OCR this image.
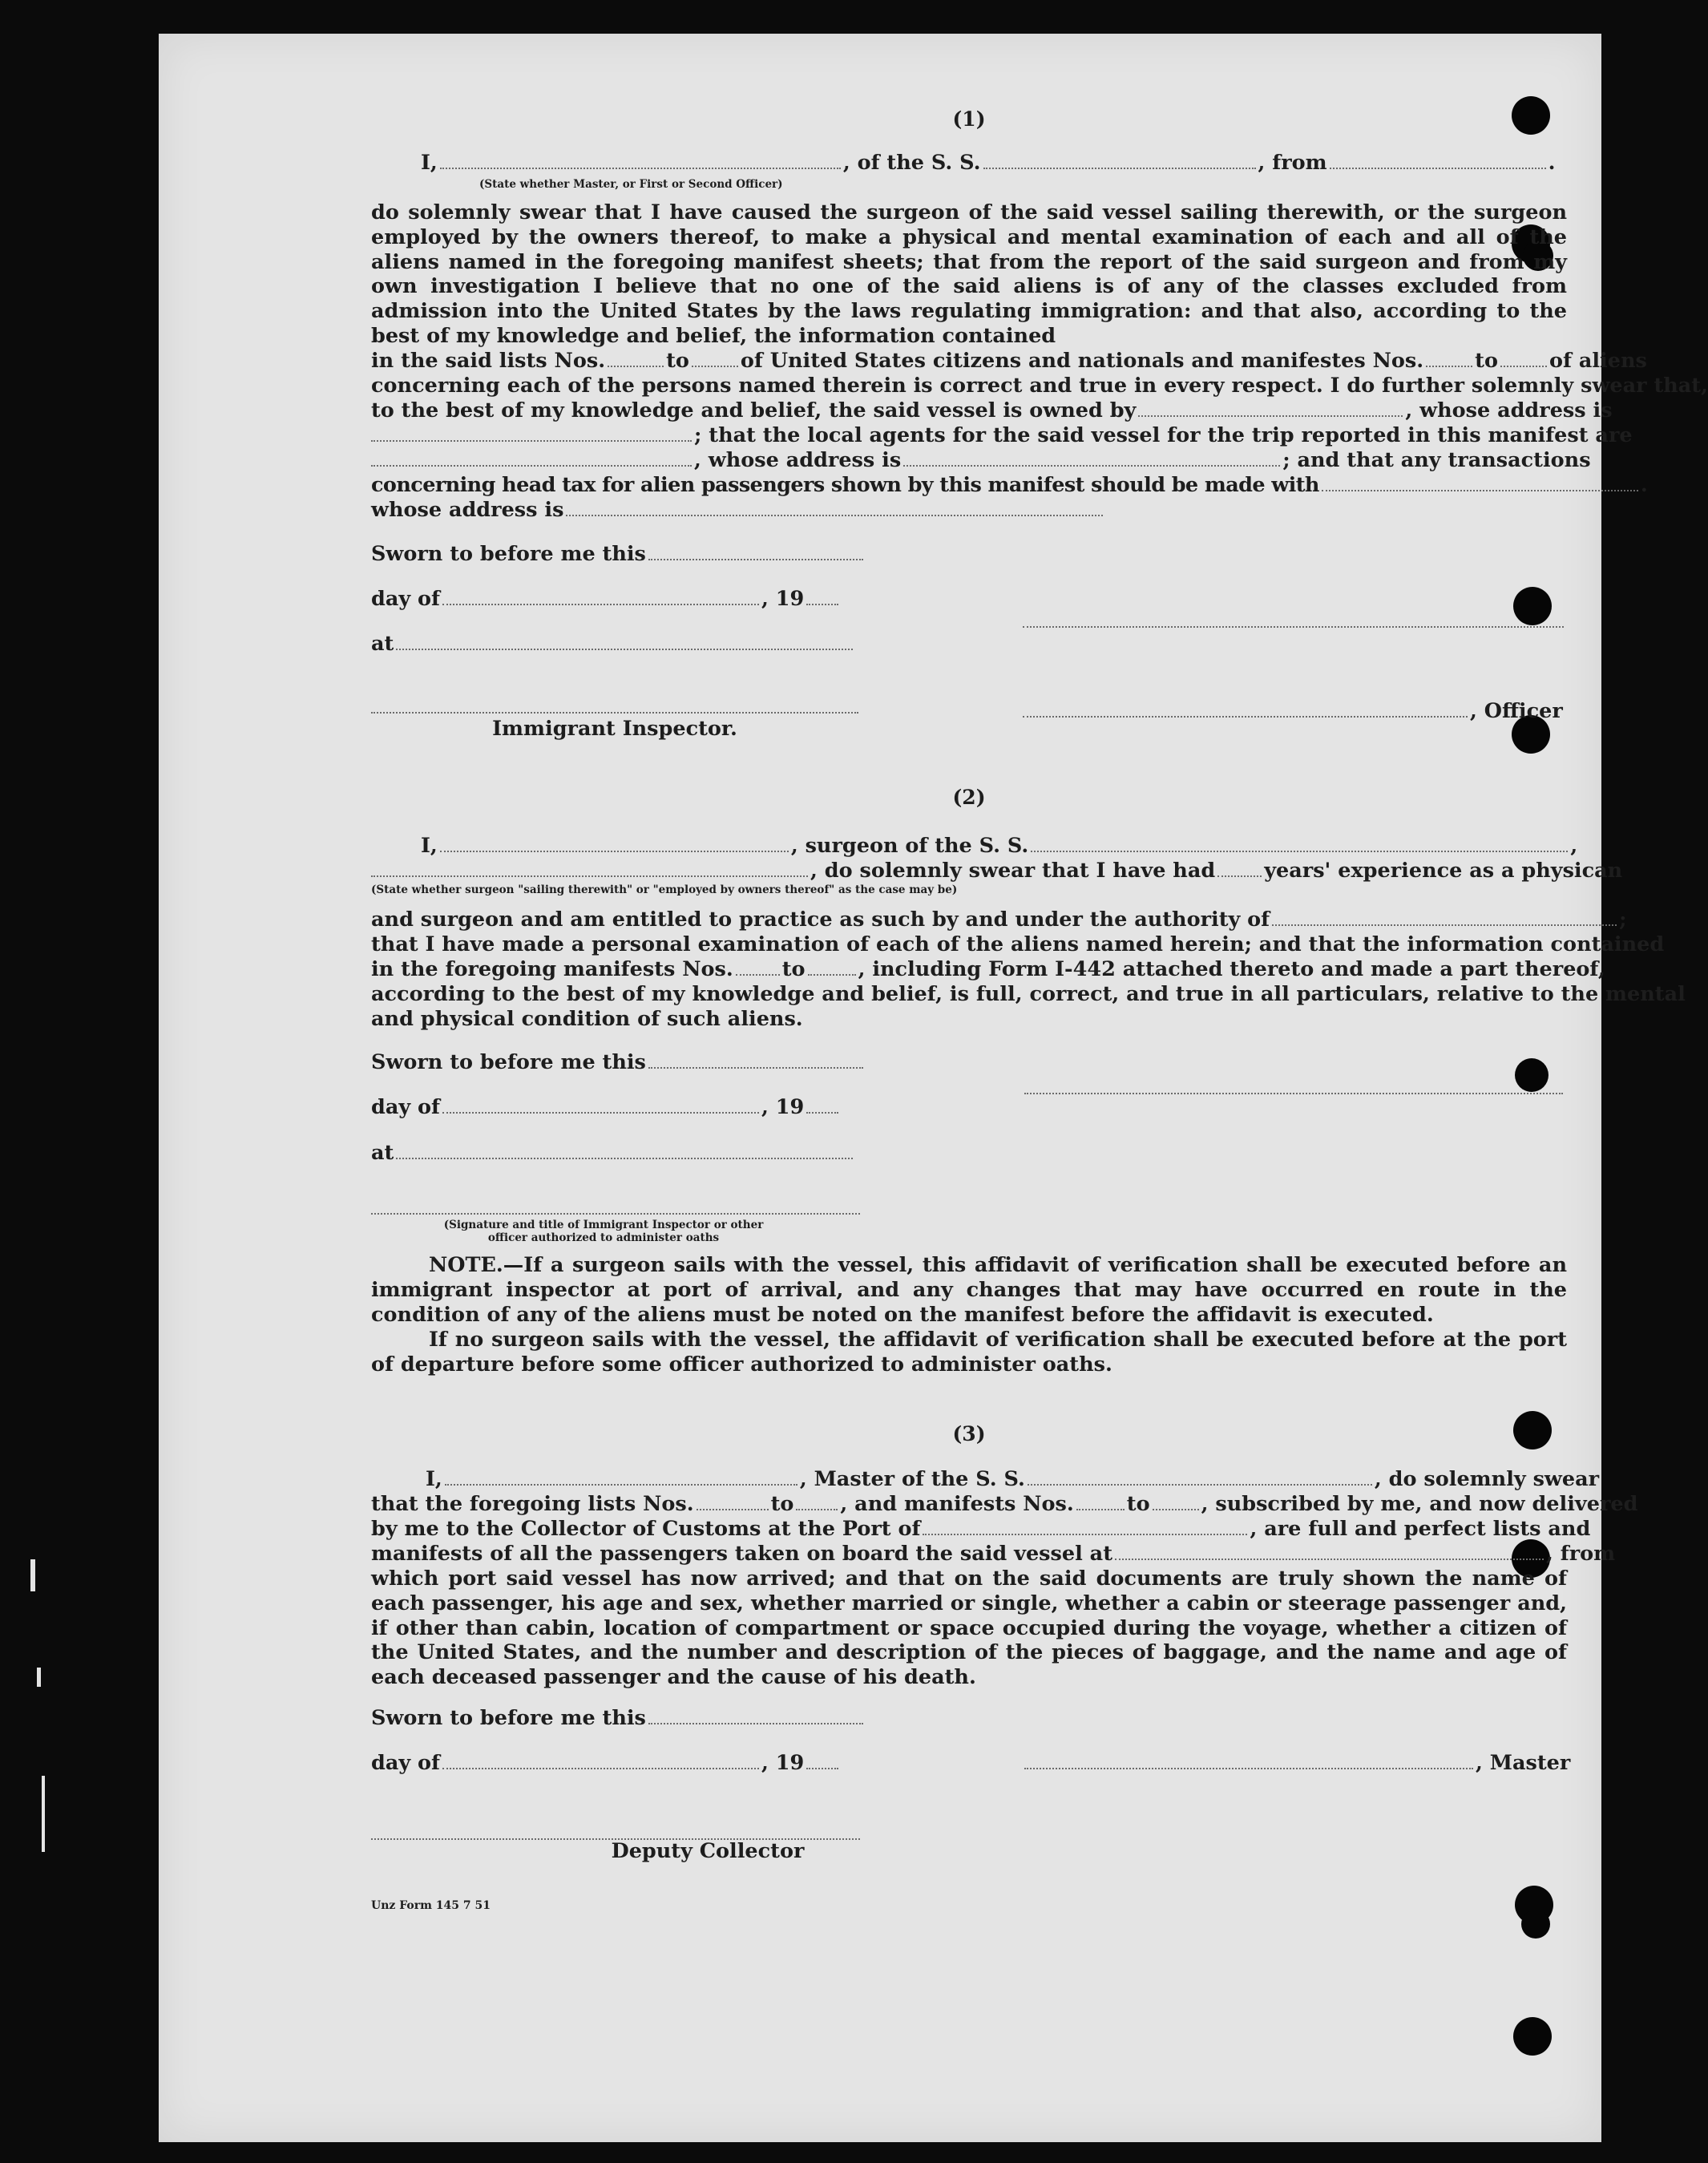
(1)
I,	, of the S. S.	, from	.
(State whether Master, or First or Second Officer)
do solemnly swear that I have caused the surgeon of the said vessel sailing therewith, or the surgeon employed by the owners thereof, to make a physical and mental examination of each and all of the aliens named in the foregoing manifest sheets; that from the report of the said surgeon and from my own investigation I believe that no one of the said aliens is of any of the classes excluded from admission into the United States by the laws regulating immigration: and that also, according to the best of my knowledge and belief, the information contained
in the said lists Nos.	to	of United States citizens and nationals and manifestes Nos.	to	of aliens
concerning each of the persons named therein is correct and true in every respect. I do further solemnly swear that,
to the best of my knowledge and belief, the said vessel is owned by	, whose address is
; that the local agents for the said vessel for the trip reported in this manifest are
, whose address is	; and that any transactions
concerning head tax for alien passengers shown by this manifest should be made with	.
whose address is
Sworn to before me this
day of	, 19
at
Immigrant Inspector.
, Officer
(2)
I,	, surgeon of the S. S.	,
, do solemnly swear that I have had years' experience as a physican
(State whether surgeon "sailing therewith" or "employed by owners thereof" as the case may be)
and surgeon and am entitled to practice as such by and under the authority of	;
that I have made a personal examination of each of the aliens named herein; and that the information contained
in the foregoing manifests Nos. to	, including Form I-442 attached thereto and made a part thereof,
according to the best of my knowledge and belief, is full, correct, and true in all particulars, relative to the mental
and physical condition of such aliens.
Sworn to before me this
day of	, 19
at
(Signature and title of Immigrant Inspector or other
officer authorized to administer oaths
NOTE.—If a surgeon sails with the vessel, this affidavit of verification shall be executed before an immigrant inspector at port of arrival, and any changes that may have occurred en route in the condition of any of the aliens must be noted on the manifest before the affidavit is executed.
If no surgeon sails with the vessel, the affidavit of verification shall be executed before at the port of departure before some officer authorized to administer oaths.
(3)
I,	, Master of the S. S.	, do solemnly swear
that the foregoing lists Nos.	to , and manifests Nos.	to	, subscribed by me, and now delivered
by me to the Collector of Customs at the Port of	, are full and perfect lists and
manifests of all the passengers taken on board the said vessel at	, from
which port said vessel has now arrived; and that on the said documents are truly shown the name of each passenger, his age and sex, whether married or single, whether a cabin or steerage passenger and, if other than cabin, location of compartment or space occupied during the voyage, whether a citizen of the United States, and the number and description of the pieces of baggage, and the name and age of each deceased passenger and the cause of his death.
Sworn to before me this
day of	, 19	, Master
Deputy Collector
Unz Form 145 7 51
